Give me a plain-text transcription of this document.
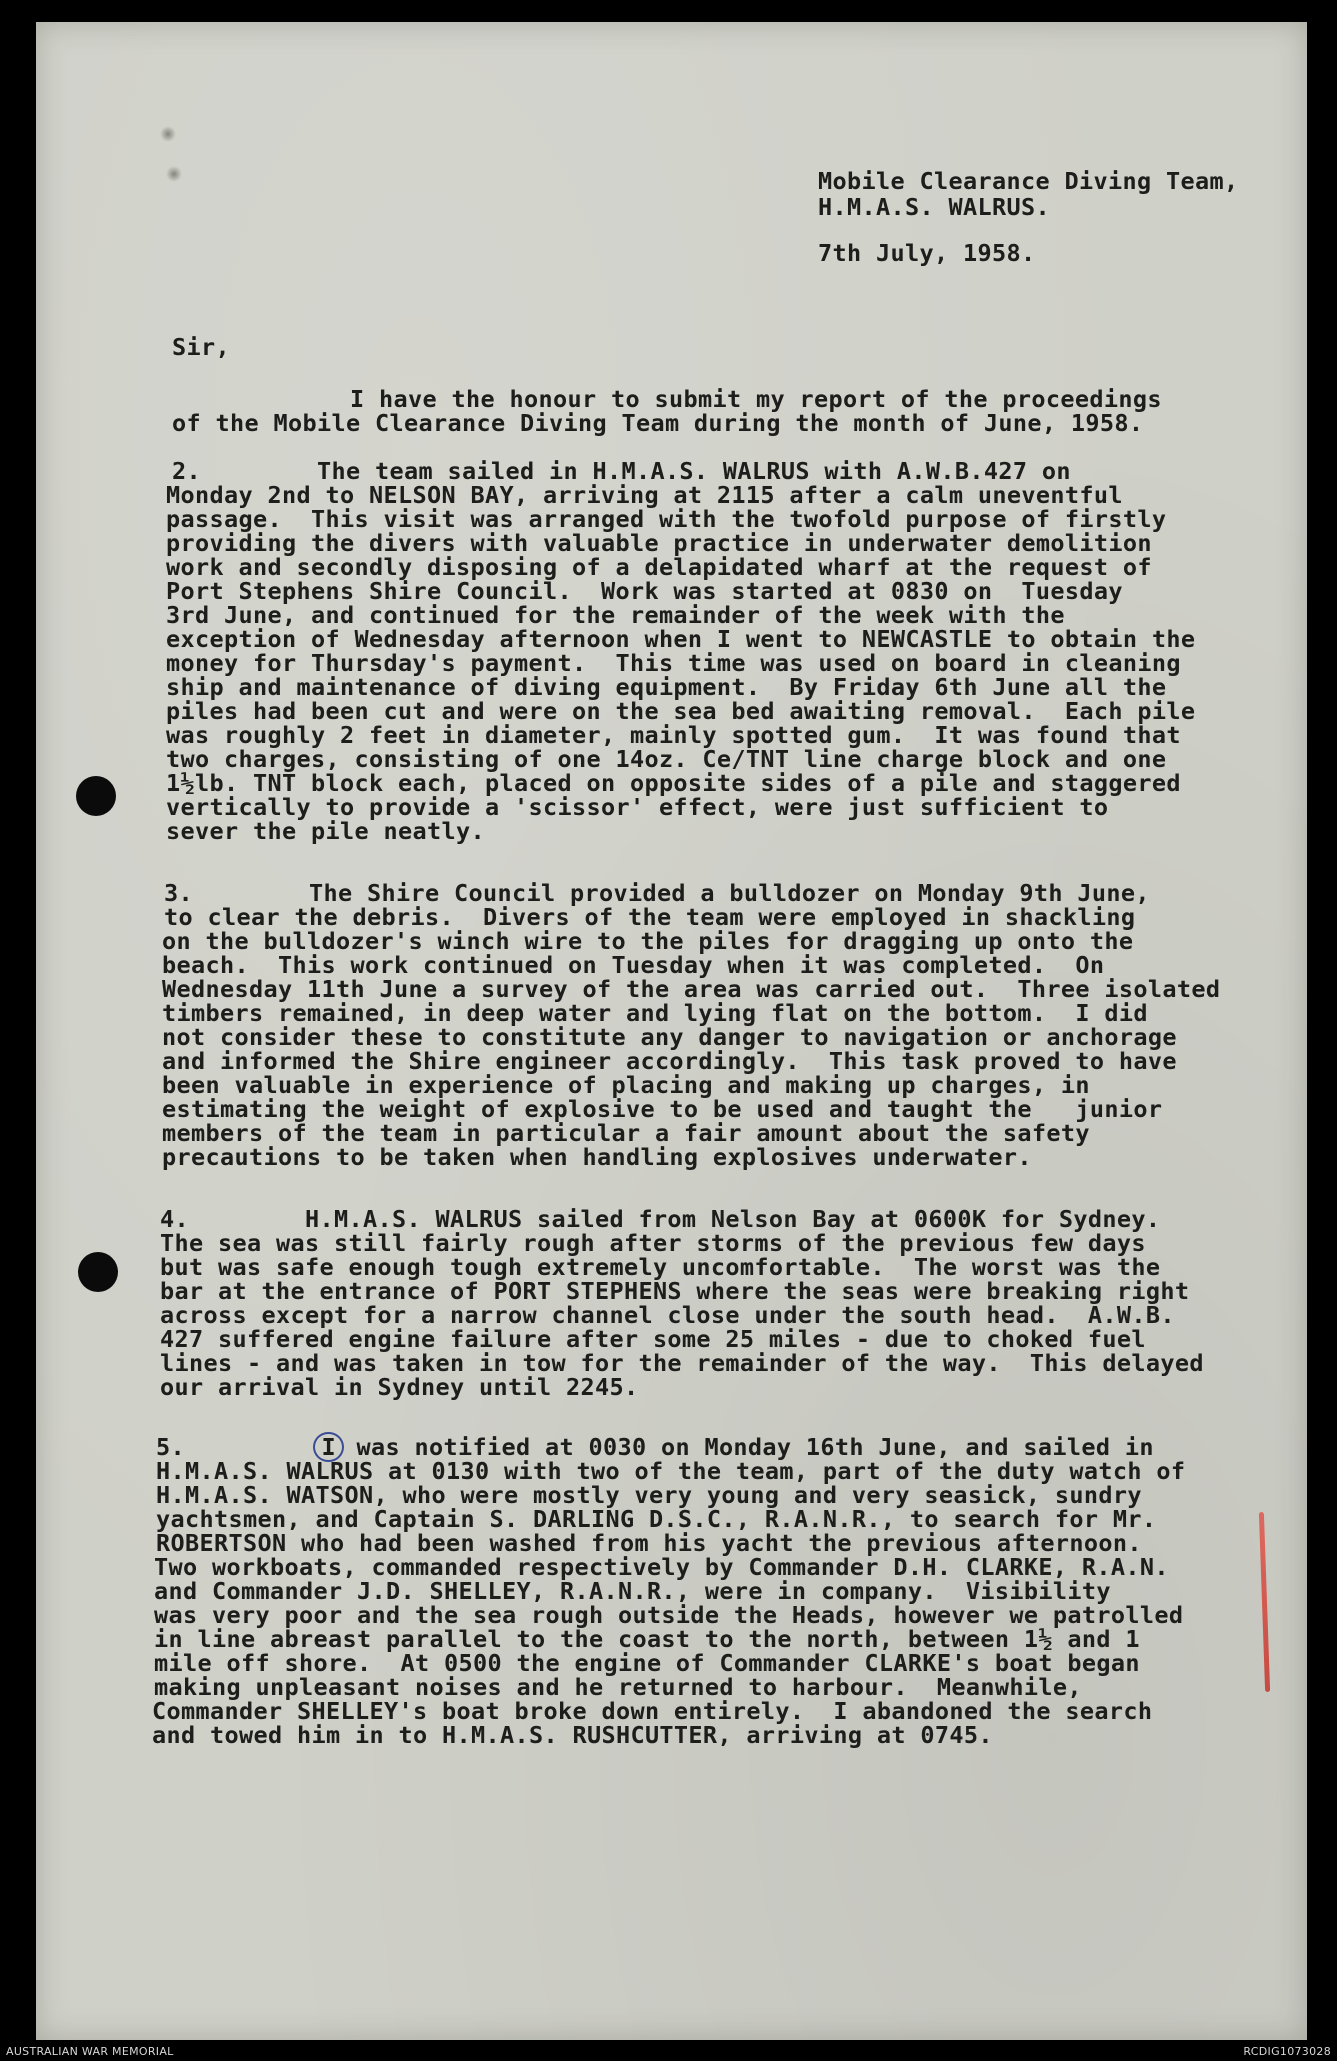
Mobile Clearance Diving Team,
H.M.A.S. WALRUS.
7th July, 1958.
Sir,
I have the honour to submit my report of the proceedings
of the Mobile Clearance Diving Team during the month of June, 1958.
2.        The team sailed in H.M.A.S. WALRUS with A.W.B.427 on
Monday 2nd to NELSON BAY, arriving at 2115 after a calm uneventful
passage.  This visit was arranged with the twofold purpose of firstly
providing the divers with valuable practice in underwater demolition
work and secondly disposing of a delapidated wharf at the request of
Port Stephens Shire Council.  Work was started at 0830 on  Tuesday
3rd June, and continued for the remainder of the week with the
exception of Wednesday afternoon when I went to NEWCASTLE to obtain the
money for Thursday's payment.  This time was used on board in cleaning
ship and maintenance of diving equipment.  By Friday 6th June all the
piles had been cut and were on the sea bed awaiting removal.  Each pile
was roughly 2 feet in diameter, mainly spotted gum.  It was found that
two charges, consisting of one 14oz. Ce/TNT line charge block and one
1½lb. TNT block each, placed on opposite sides of a pile and staggered
vertically to provide a 'scissor' effect, were just sufficient to
sever the pile neatly.
3.        The Shire Council provided a bulldozer on Monday 9th June,
to clear the debris.  Divers of the team were employed in shackling
on the bulldozer's winch wire to the piles for dragging up onto the
beach.  This work continued on Tuesday when it was completed.  On
Wednesday 11th June a survey of the area was carried out.  Three isolated
timbers remained, in deep water and lying flat on the bottom.  I did
not consider these to constitute any danger to navigation or anchorage
and informed the Shire engineer accordingly.  This task proved to have
been valuable in experience of placing and making up charges, in
estimating the weight of explosive to be used and taught the   junior
members of the team in particular a fair amount about the safety
precautions to be taken when handling explosives underwater.
4.        H.M.A.S. WALRUS sailed from Nelson Bay at 0600K for Sydney.
The sea was still fairly rough after storms of the previous few days
but was safe enough tough extremely uncomfortable.  The worst was the
bar at the entrance of PORT STEPHENS where the seas were breaking right
across except for a narrow channel close under the south head.  A.W.B.
427 suffered engine failure after some 25 miles - due to choked fuel
lines - and was taken in tow for the remainder of the way.  This delayed
our arrival in Sydney until 2245.
5.	I was notified at 0030 on Monday 16th June, and sailed in
H.M.A.S. WALRUS at 0130 with two of the team, part of the duty watch of
H.M.A.S. WATSON, who were mostly very young and very seasick, sundry
yachtsmen, and Captain S. DARLING D.S.C., R.A.N.R., to search for Mr.
ROBERTSON who had been washed from his yacht the previous afternoon.
Two workboats, commanded respectively by Commander D.H. CLARKE, R.A.N.
and Commander J.D. SHELLEY, R.A.N.R., were in company.  Visibility
was very poor and the sea rough outside the Heads, however we patrolled
in line abreast parallel to the coast to the north, between 1½ and 1
mile off shore.  At 0500 the engine of Commander CLARKE's boat began
making unpleasant noises and he returned to harbour.  Meanwhile,
Commander SHELLEY's boat broke down entirely.  I abandoned the search
and towed him in to H.M.A.S. RUSHCUTTER, arriving at 0745.
AUSTRALIAN WAR MEMORIAL	RCDIG1073028
